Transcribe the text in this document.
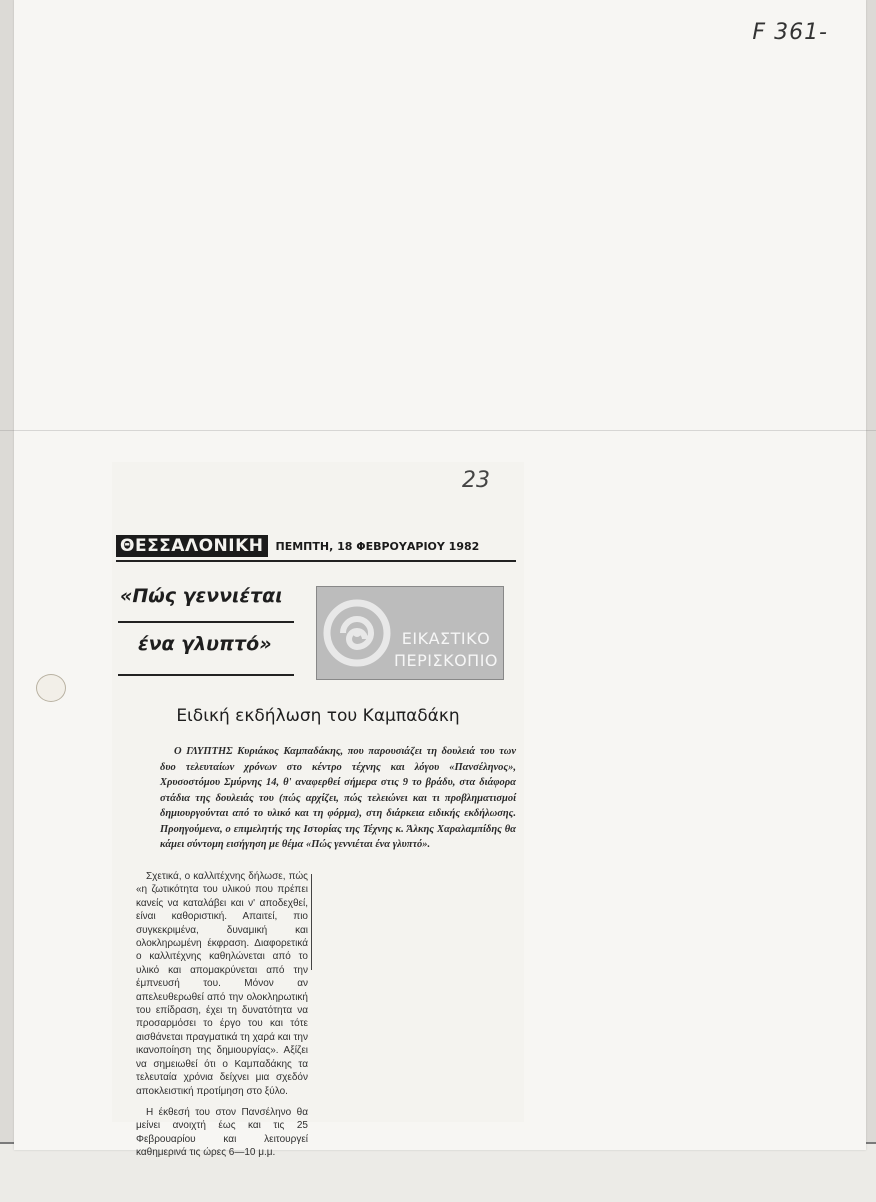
F 361-
23
ΘΕΣΣΑΛΟΝΙΚΗ	ΠΕΜΠΤΗ, 18 ΦΕΒΡΟΥΑΡΙΟΥ 1982
«Πώς γεννιέται
ένα γλυπτό»	ΕΙΚΑΣΤΙΚΟ
ΠΕΡΙΣΚΟΠΙΟ
Ειδική εκδήλωση του Καμπαδάκη
Ο ΓΛΥΠΤΗΣ Κυριάκος Καμπαδάκης, που παρουσιάζει τη δουλειά του των δυο τελευταίων χρόνων στο κέντρο τέχνης και λόγου «Πανσέληνος», Χρυσοστόμου Σμύρνης 14, θ' αναφερθεί σήμερα στις 9 το βράδυ, στα διάφορα στάδια της δουλειάς του (πώς αρχίζει, πώς τελειώνει και τι προβληματισμοί δημιουργούνται από το υλικό και τη φόρμα), στη διάρκεια ειδικής εκδήλωσης. Προηγούμενα, ο επιμελητής της Ιστορίας της Τέχνης κ. Άλκης Χαραλαμπίδης θα κάμει σύντομη εισήγηση με θέμα «Πώς γεννιέται ένα γλυπτό».

Σχετικά, ο καλλιτέχνης δήλωσε, πώς «η ζωτικότητα του υλικού που πρέπει κανείς να καταλάβει και ν' αποδεχθεί, είναι καθοριστική. Απαιτεί, πιο συγκεκριμένα, δυναμική και ολοκληρωμένη έκφραση. Διαφορετικά ο καλλιτέχνης καθηλώνεται από το υλικό και απομακρύνεται από την έμπνευσή του. Μόνον αν απελευθερωθεί από την ολοκληρωτική του επίδραση, έχει τη δυνατότητα να προσαρμόσει το έργο του και τότε αισθάνεται πραγματικά τη χαρά και την ικανοποίηση της δημιουργίας». Αξίζει να σημειωθεί ότι ο Καμπαδάκης τα τελευταία χρόνια δείχνει μια σχεδόν αποκλειστική προτίμηση στο ξύλο.

Η έκθεσή του στον Πανσέληνο θα μείνει ανοιχτή έως και τις 25 Φεβρουαρίου και λειτουργεί καθημερινά τις ώρες 6—10 μ.μ.
